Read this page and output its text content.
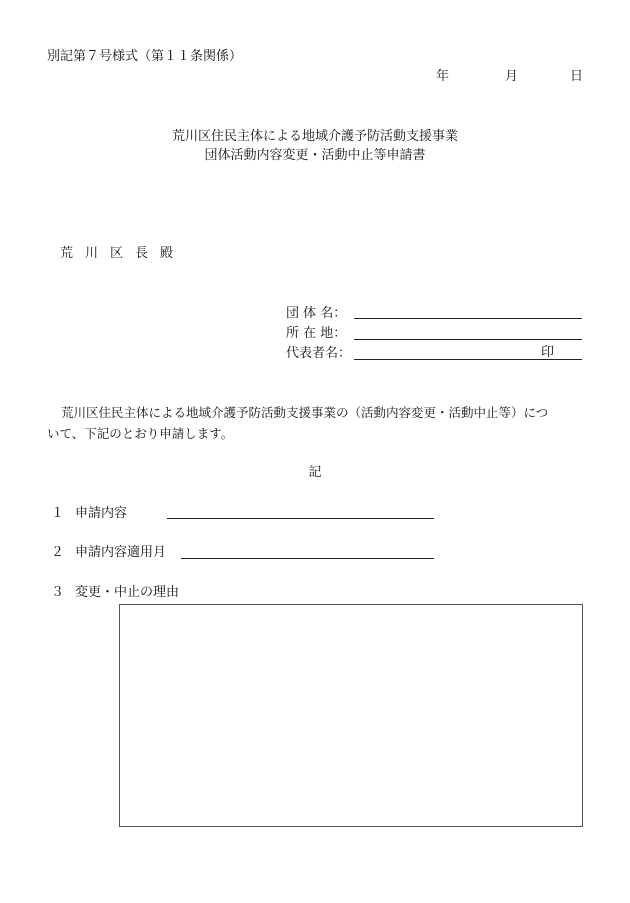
別記第７号様式（第１１条関係）
年	月	日
荒川区住民主体による地域介護予防活動支援事業
団体活動内容変更・活動中止等申請書
荒川区長殿
団 体 名：
所 在 地：
代表者名：	印
荒川区住民主体による地域介護予防活動支援事業の（活動内容変更・活動中止等）につ
いて、下記のとおり申請します。
記
１ 申請内容
２ 申請内容適用月
３ 変更・中止の理由
